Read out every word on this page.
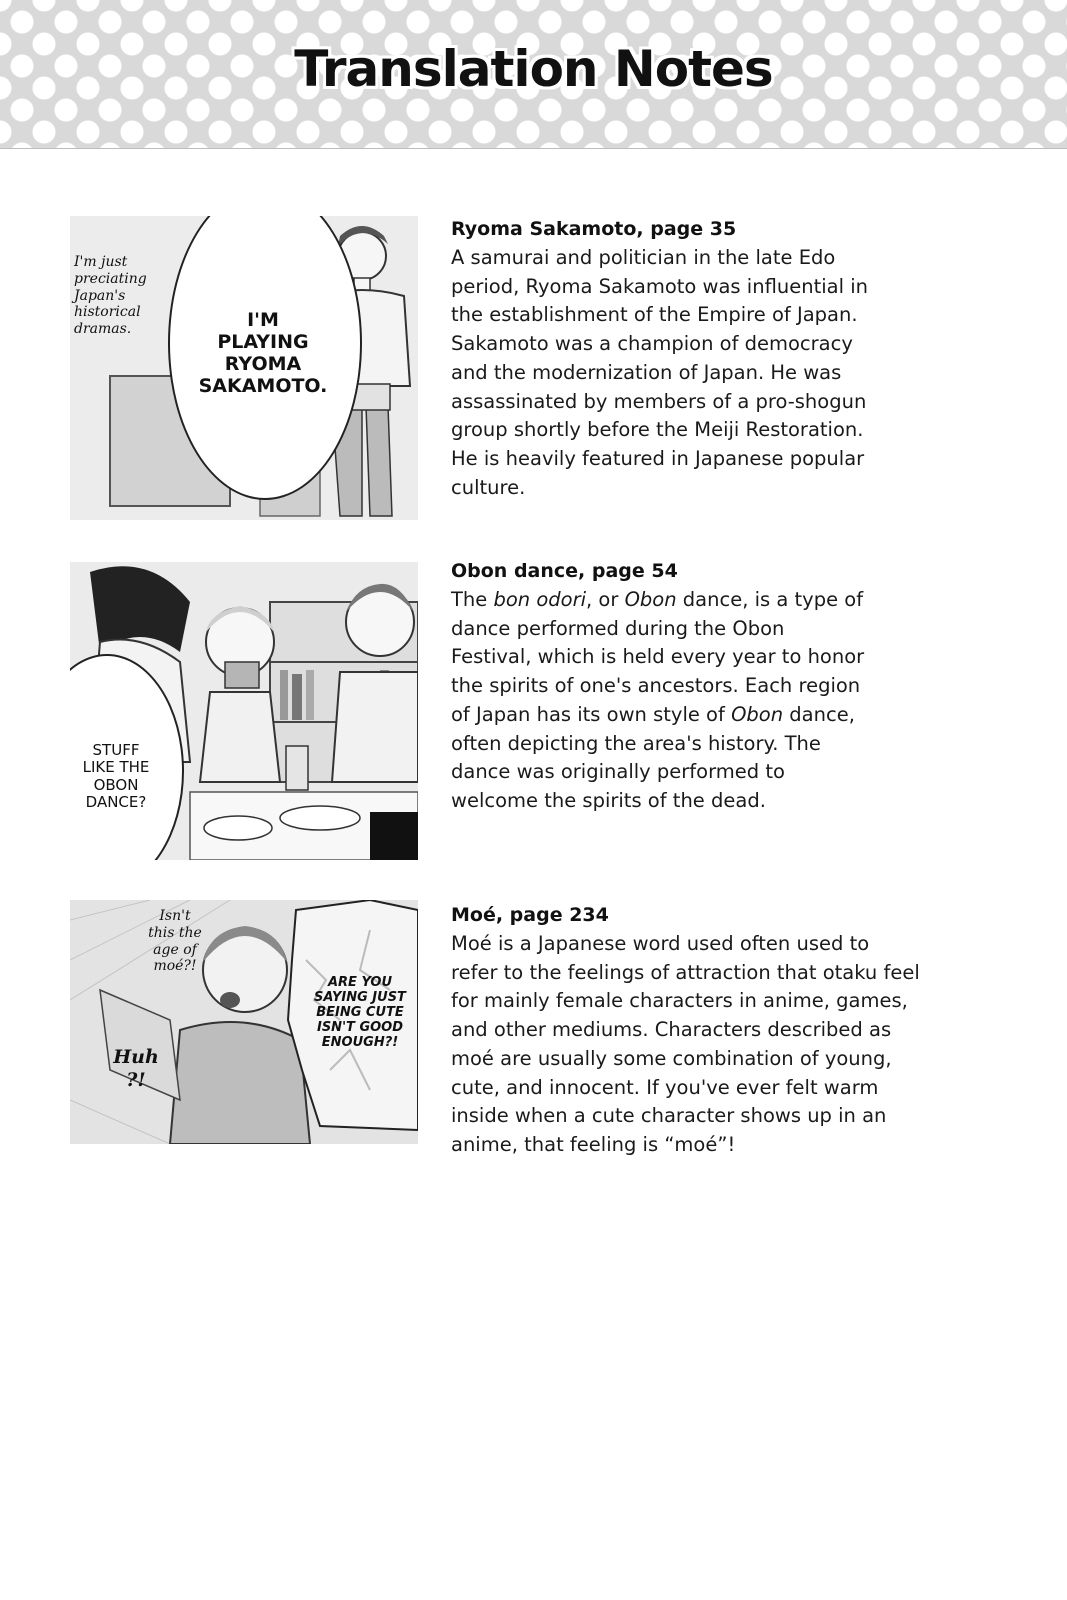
Translation Notes
I'M
PLAYING
RYOMA
SAKAMOTO.
I'm just
preciating
Japan's
historical
dramas.
STUFF
LIKE THE
OBON
DANCE?
Isn't
this the
age of
moé?!
Huh
?!
ARE YOU
SAYING JUST
BEING CUTE
ISN'T GOOD
ENOUGH?!

Ryoma Sakamoto, page 35

A samurai and politician in the late Edo
period, Ryoma Sakamoto was influential in
the establishment of the Empire of Japan.
Sakamoto was a champion of democracy
and the modernization of Japan. He was
assassinated by members of a pro-shogun
group shortly before the Meiji Restoration.
He is heavily featured in Japanese popular
culture.

Obon dance, page 54

The bon odori, or Obon dance, is a type of
dance performed during the Obon
Festival, which is held every year to honor
the spirits of one's ancestors. Each region
of Japan has its own style of Obon dance,
often depicting the area's history. The
dance was originally performed to
welcome the spirits of the dead.

Moé, page 234

Moé is a Japanese word used often used to
refer to the feelings of attraction that otaku feel
for mainly female characters in anime, games,
and other mediums. Characters described as
moé are usually some combination of young,
cute, and innocent. If you've ever felt warm
inside when a cute character shows up in an
anime, that feeling is “moé”!
